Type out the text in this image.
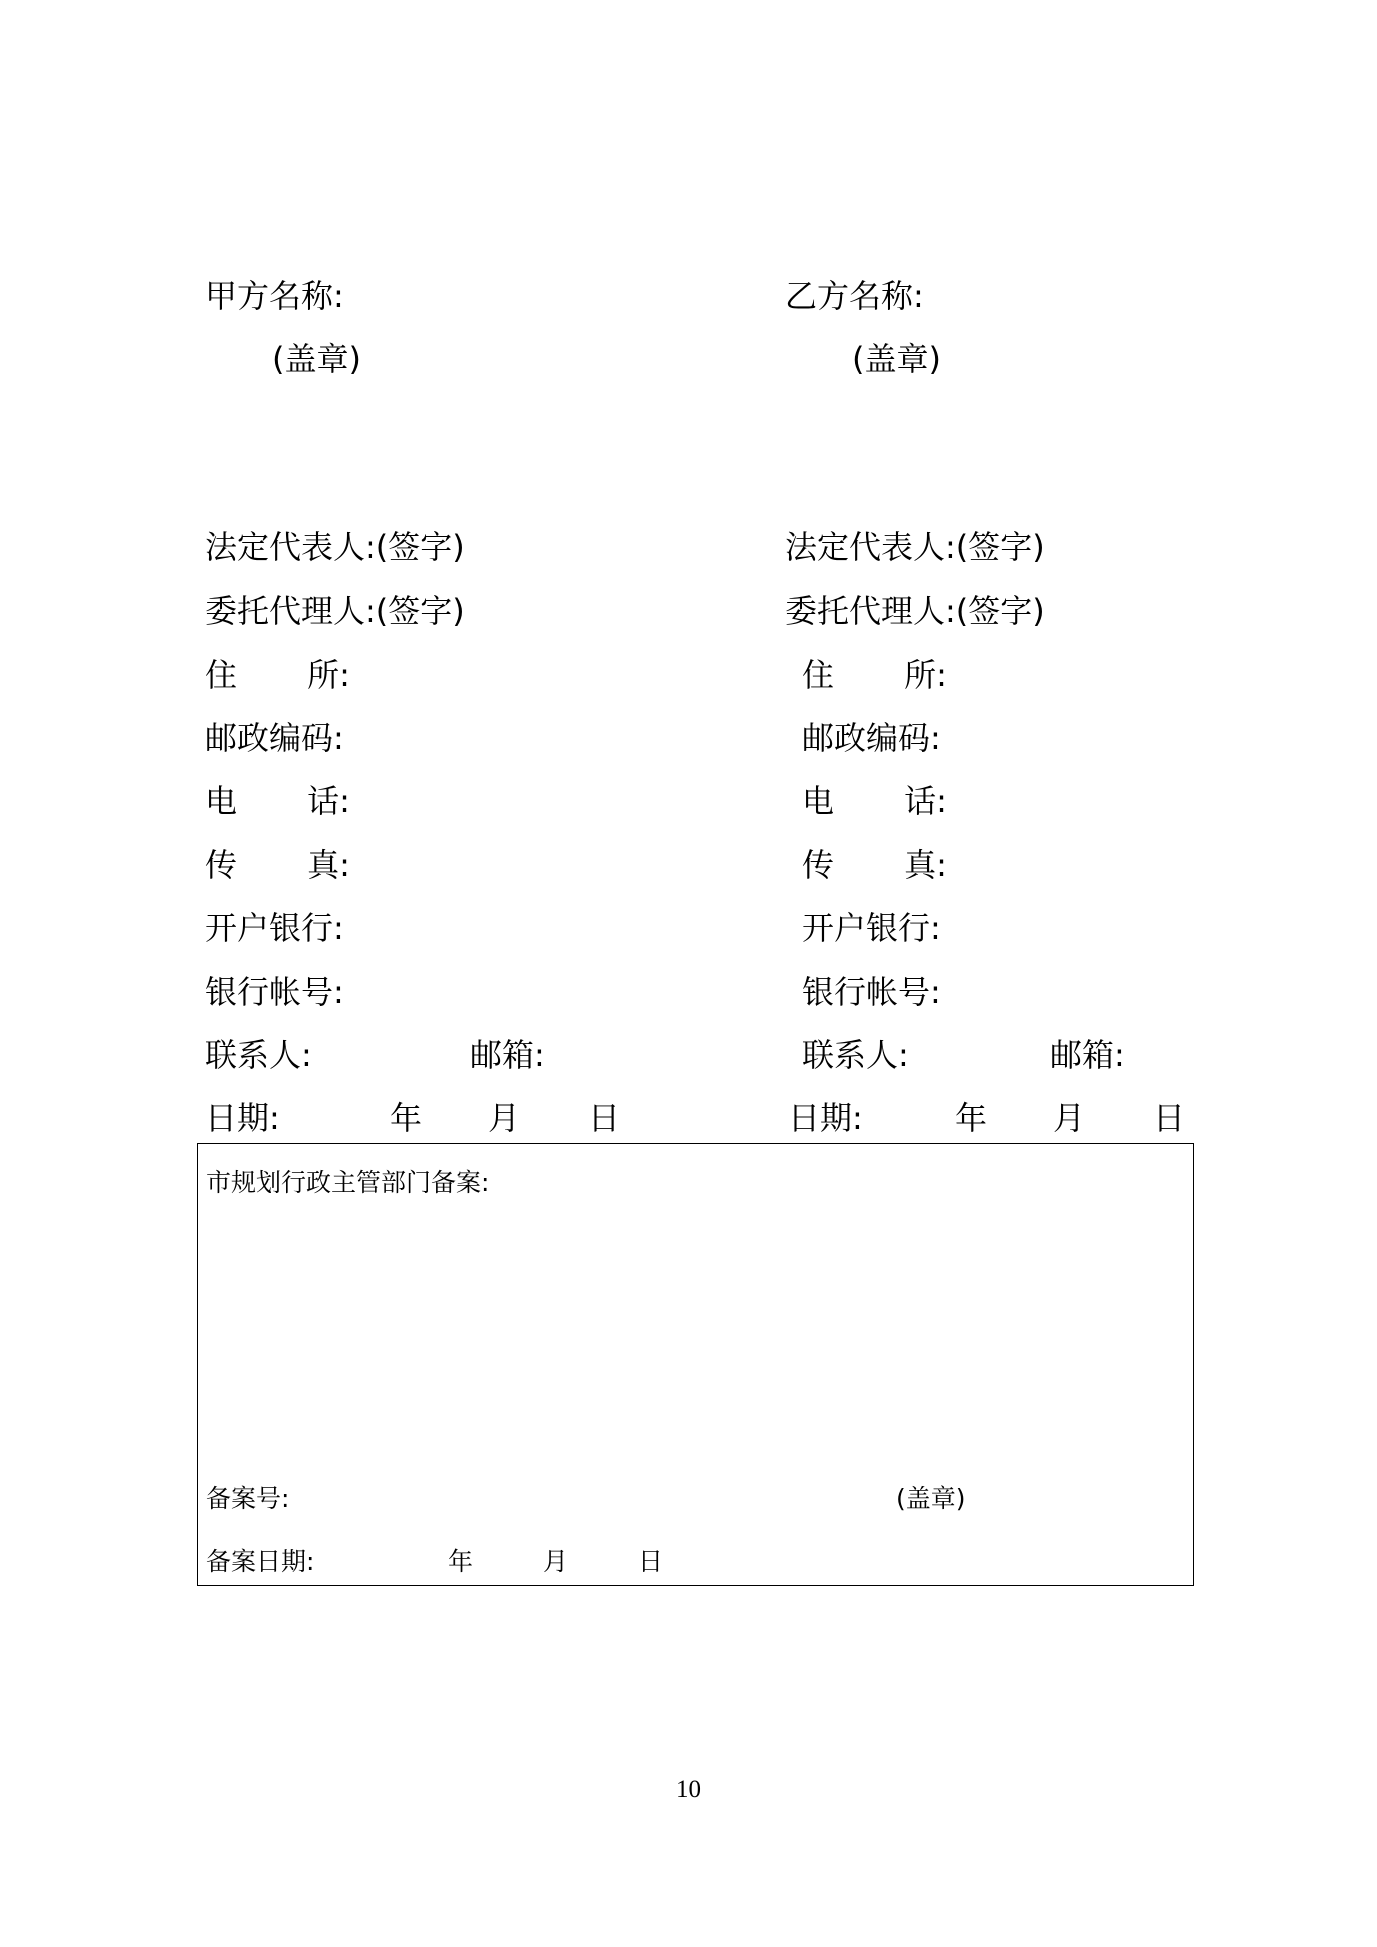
甲方名称:
(盖章)
法定代表人:(签字)
委托代理人:(签字)
住 所:
邮政编码:
电 话:
传 真:
开户银行:
银行帐号:
联系人:	邮箱:
日期:	年 月 日
乙方名称:
(盖章)
法定代表人:(签字)
委托代理人:(签字)
住 所:
邮政编码:
电 话:
传 真:
开户银行:
银行帐号:
联系人:	邮箱:
日期:	年 月 日
市规划行政主管部门备案:
备案号:	(盖章)
备案日期:	年	月	日
10
